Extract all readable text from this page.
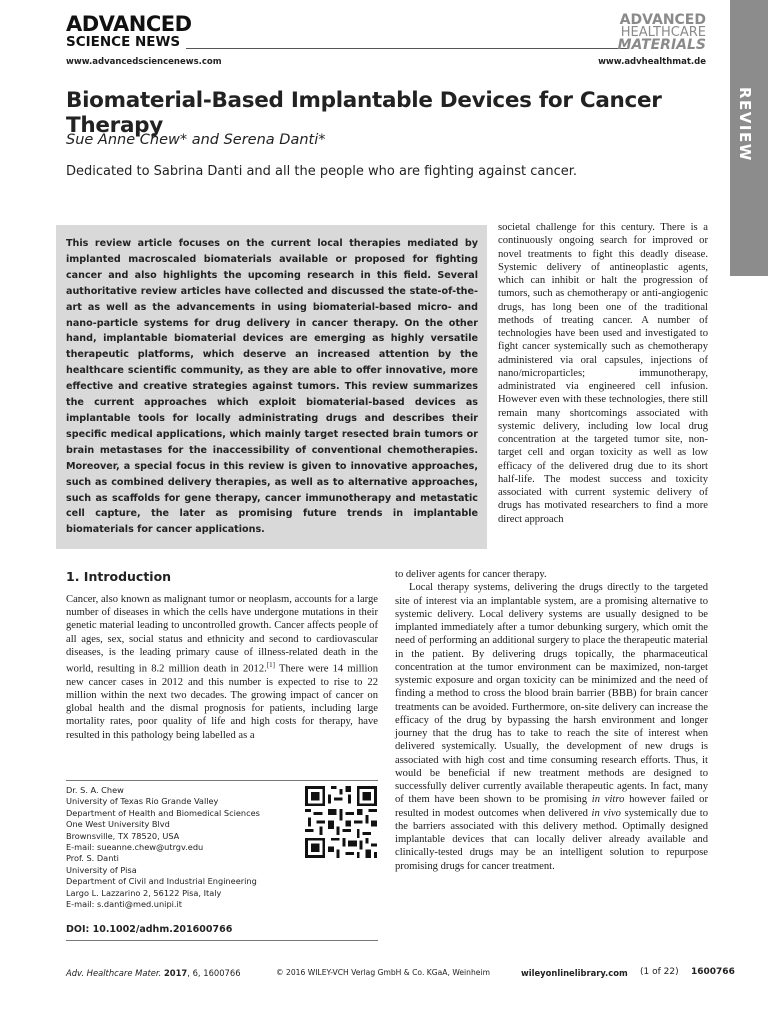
ADVANCED
SCIENCE NEWS
www.advancedsciencenews.com
ADVANCED
HEALTHCARE
MATERIALS
www.advhealthmat.de
REVIEW
Biomaterial-Based Implantable Devices for Cancer Therapy
Sue Anne Chew* and Serena Danti*
Dedicated to Sabrina Danti and all the people who are fighting against cancer.
This review article focuses on the current local therapies mediated by implanted macroscaled biomaterials available or proposed for fighting cancer and also highlights the upcoming research in this field. Several authoritative review articles have collected and discussed the state-of-the-art as well as the advancements in using biomaterial-based micro- and nano-particle systems for drug delivery in cancer therapy. On the other hand, implantable biomaterial devices are emerging as highly versatile therapeutic platforms, which deserve an increased attention by the healthcare scientific community, as they are able to offer innovative, more effective and creative strategies against tumors. This review summarizes the current approaches which exploit biomaterial-based devices as implantable tools for locally administrating drugs and describes their specific medical applications, which mainly target resected brain tumors or brain metastases for the inaccessibility of conventional chemotherapies. Moreover, a special focus in this review is given to innovative approaches, such as combined delivery therapies, as well as to alternative approaches, such as scaffolds for gene therapy, cancer immunotherapy and metastatic cell capture, the later as promising future trends in implantable biomaterials for cancer applications.
societal challenge for this century. There is a continuously ongoing search for improved or novel treatments to fight this deadly disease. Systemic delivery of antineoplastic agents, which can inhibit or halt the progression of tumors, such as chemotherapy or anti-angiogenic drugs, has long been one of the traditional methods of treating cancer. A number of technologies have been used and investigated to fight cancer systemically such as chemotherapy administered via oral capsules, injections of nano/microparticles; immunotherapy, administrated via engineered cell infusion. However even with these technologies, there still remain many shortcomings associated with systemic delivery, including low local drug concentration at the targeted tumor site, non-target cell and organ toxicity as well as low efficacy of the delivered drug due to its short half-life. The modest success and toxicity associated with current systemic delivery of drugs has motivated researchers to find a more direct approach
1. Introduction
Cancer, also known as malignant tumor or neoplasm, accounts for a large number of diseases in which the cells have undergone mutations in their genetic material leading to uncontrolled growth. Cancer affects people of all ages, sex, social status and ethnicity and second to cardiovascular diseases, is the leading primary cause of illness-related death in the world, resulting in 8.2 million death in 2012.[1] There were 14 million new cancer cases in 2012 and this number is expected to rise to 22 million within the next two decades. The growing impact of cancer on global health and the dismal prognosis for patients, including large mortality rates, poor quality of life and high costs for therapy, have resulted in this pathology being labelled as a

to deliver agents for cancer therapy.

Local therapy systems, delivering the drugs directly to the targeted site of interest via an implantable system, are a promising alternative to systemic delivery. Local delivery systems are usually designed to be implanted immediately after a tumor debunking surgery, which omit the need of performing an additional surgery to place the therapeutic material in the patient. By delivering drugs topically, the pharmaceutical concentration at the tumor environment can be maximized, non-target systemic exposure and organ toxicity can be minimized and the need of finding a method to cross the blood brain barrier (BBB) for brain cancer treatments can be avoided. Furthermore, on-site delivery can increase the efficacy of the drug by bypassing the harsh environment and longer journey that the drug has to take to reach the site of interest when delivered systemically. Usually, the development of new drugs is associated with high cost and time consuming research efforts. Thus, it would be beneficial if new treatment methods are designed to successfully deliver currently available therapeutic agents. In fact, many of them have been shown to be promising in vitro however failed or resulted in modest outcomes when delivered in vivo systemically due to the barriers associated with this delivery method. Optimally designed implantable devices that can locally deliver already available and clinically-tested drugs may be an intelligent solution to repurpose promising drugs for cancer treatment.

Dr. S. A. Chew
University of Texas Rio Grande Valley
Department of Health and Biomedical Sciences
One West University Blvd
Brownsville, TX 78520, USA
E-mail: sueanne.chew@utrgv.edu
Prof. S. Danti
University of Pisa
Department of Civil and Industrial Engineering
Largo L. Lazzarino 2, 56122 Pisa, Italy
E-mail: s.danti@med.unipi.it
DOI: 10.1002/adhm.201600766
Adv. Healthcare Mater. 2017, 6, 1600766	© 2016 WILEY-VCH Verlag GmbH & Co. KGaA, Weinheim	wileyonlinelibrary.com (1 of 22) 1600766
